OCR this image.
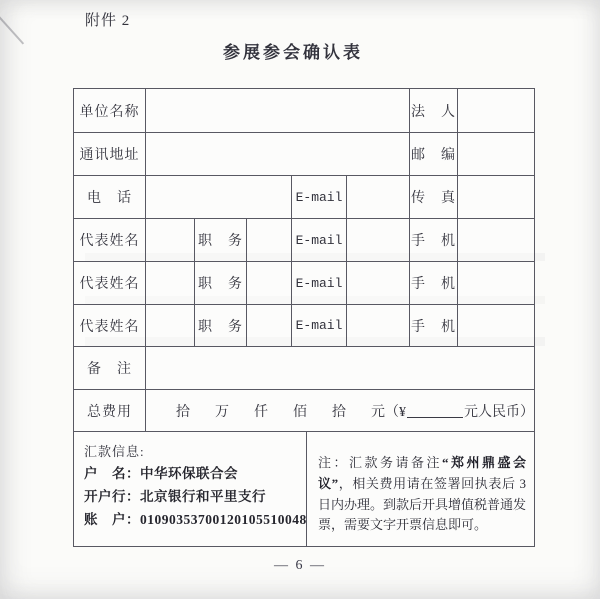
附件 2
参展参会确认表
单位名称	法　人
通讯地址	邮　编
电　话	E-mail	传　真
代表姓名	职　务	E-mail	手　机
代表姓名	职　务	E-mail	手　机
代表姓名	职　务	E-mail	手　机
备　注
总费用	拾 万 仟 佰 拾 元（¥	元人民币）
汇款信息:
户　名：中华环保联合会
开户行：北京银行和平里支行
账　户：01090353700120105510048
注：汇款务请备注“郑州鼎盛会议”，相关费用请在签署回执表后 3 日内办理。到款后开具增值税普通发票，需要文字开票信息即可。
— 6 —
